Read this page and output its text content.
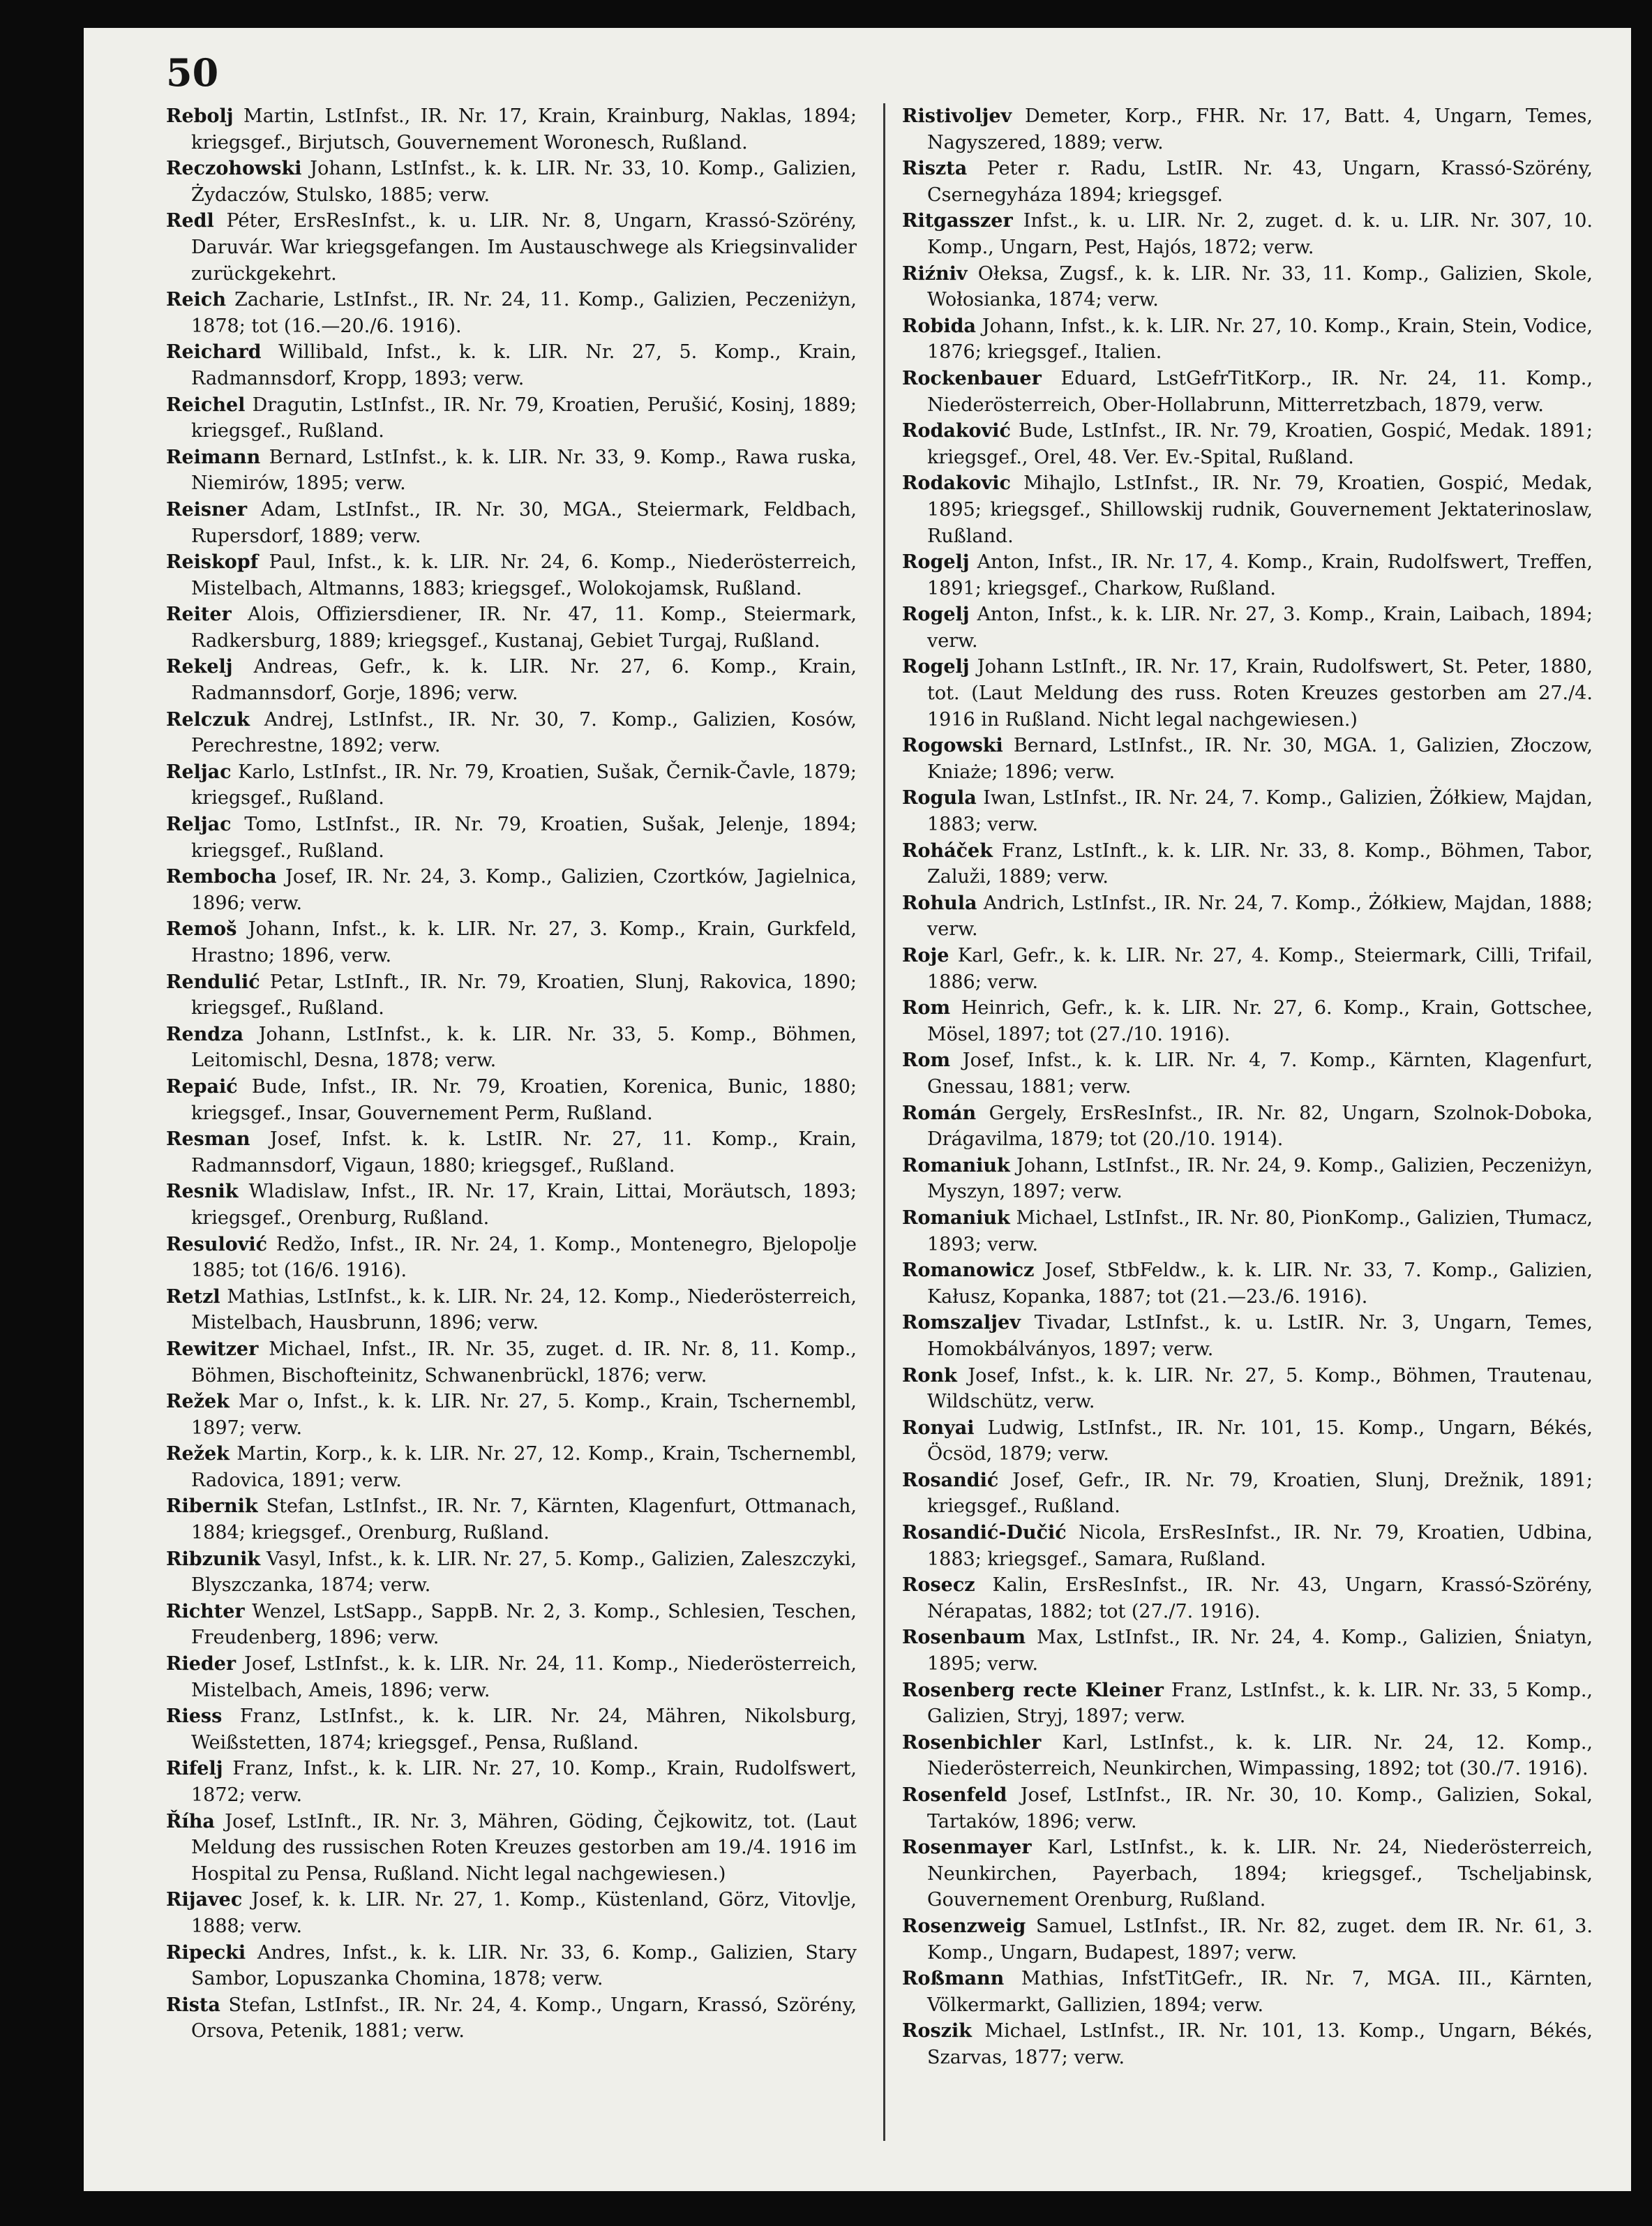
50

Rebolj Martin, LstInfst., IR. Nr. 17, Krain, Krainburg, Naklas, 1894; kriegsgef., Birjutsch, Gouvernement Woronesch, Rußland.

Reczohowski Johann, LstInfst., k. k. LIR. Nr. 33, 10. Komp., Galizien, Żydaczów, Stulsko, 1885; verw.

Redl Péter, ErsResInfst., k. u. LIR. Nr. 8, Ungarn, Krassó-Szörény, Daruvár. War kriegsgefangen. Im Austauschwege als Kriegsinvalider zurückgekehrt.

Reich Zacharie, LstInfst., IR. Nr. 24, 11. Komp., Galizien, Peczeniżyn, 1878; tot (16.—20./6. 1916).

Reichard Willibald, Infst., k. k. LIR. Nr. 27, 5. Komp., Krain, Radmannsdorf, Kropp, 1893; verw.

Reichel Dragutin, LstInfst., IR. Nr. 79, Kroatien, Perušić, Kosinj, 1889; kriegsgef., Rußland.

Reimann Bernard, LstInfst., k. k. LIR. Nr. 33, 9. Komp., Rawa ruska, Niemirów, 1895; verw.

Reisner Adam, LstInfst., IR. Nr. 30, MGA., Steiermark, Feldbach, Rupersdorf, 1889; verw.

Reiskopf Paul, Infst., k. k. LIR. Nr. 24, 6. Komp., Niederösterreich, Mistelbach, Altmanns, 1883; kriegsgef., Wolokojamsk, Rußland.

Reiter Alois, Offiziersdiener, IR. Nr. 47, 11. Komp., Steiermark, Radkersburg, 1889; kriegsgef., Kustanaj, Gebiet Turgaj, Rußland.

Rekelj Andreas, Gefr., k. k. LIR. Nr. 27, 6. Komp., Krain, Radmannsdorf, Gorje, 1896; verw.

Relczuk Andrej, LstInfst., IR. Nr. 30, 7. Komp., Galizien, Kosów, Perechrestne, 1892; verw.

Reljac Karlo, LstInfst., IR. Nr. 79, Kroatien, Sušak, Černik-Čavle, 1879; kriegsgef., Rußland.

Reljac Tomo, LstInfst., IR. Nr. 79, Kroatien, Sušak, Jelenje, 1894; kriegsgef., Rußland.

Rembocha Josef, IR. Nr. 24, 3. Komp., Galizien, Czortków, Jagielnica, 1896; verw.

Remoš Johann, Infst., k. k. LIR. Nr. 27, 3. Komp., Krain, Gurkfeld, Hrastno; 1896, verw.

Rendulić Petar, LstInft., IR. Nr. 79, Kroatien, Slunj, Rakovica, 1890; kriegsgef., Rußland.

Rendza Johann, LstInfst., k. k. LIR. Nr. 33, 5. Komp., Böhmen, Leitomischl, Desna, 1878; verw.

Repaić Bude, Infst., IR. Nr. 79, Kroatien, Korenica, Bunic, 1880; kriegsgef., Insar, Gouvernement Perm, Rußland.

Resman Josef, Infst. k. k. LstIR. Nr. 27, 11. Komp., Krain, Radmannsdorf, Vigaun, 1880; kriegsgef., Rußland.

Resnik Wladislaw, Infst., IR. Nr. 17, Krain, Littai, Moräutsch, 1893; kriegsgef., Orenburg, Rußland.

Resulović Redžo, Infst., IR. Nr. 24, 1. Komp., Montenegro, Bjelopolje 1885; tot (16/6. 1916).

Retzl Mathias, LstInfst., k. k. LIR. Nr. 24, 12. Komp., Niederösterreich, Mistelbach, Hausbrunn, 1896; verw.

Rewitzer Michael, Infst., IR. Nr. 35, zuget. d. IR. Nr. 8, 11. Komp., Böhmen, Bischofteinitz, Schwanenbrückl, 1876; verw.

Režek Mar o, Infst., k. k. LIR. Nr. 27, 5. Komp., Krain, Tschernembl, 1897; verw.

Režek Martin, Korp., k. k. LIR. Nr. 27, 12. Komp., Krain, Tschernembl, Radovica, 1891; verw.

Ribernik Stefan, LstInfst., IR. Nr. 7, Kärnten, Klagenfurt, Ottmanach, 1884; kriegsgef., Orenburg, Rußland.

Ribzunik Vasyl, Infst., k. k. LIR. Nr. 27, 5. Komp., Galizien, Zaleszczyki, Blyszczanka, 1874; verw.

Richter Wenzel, LstSapp., SappB. Nr. 2, 3. Komp., Schlesien, Teschen, Freudenberg, 1896; verw.

Rieder Josef, LstInfst., k. k. LIR. Nr. 24, 11. Komp., Niederösterreich, Mistelbach, Ameis, 1896; verw.

Riess Franz, LstInfst., k. k. LIR. Nr. 24, Mähren, Nikolsburg, Weißstetten, 1874; kriegsgef., Pensa, Rußland.

Rifelj Franz, Infst., k. k. LIR. Nr. 27, 10. Komp., Krain, Rudolfswert, 1872; verw.

Říha Josef, LstInft., IR. Nr. 3, Mähren, Göding, Čejkowitz, tot. (Laut Meldung des russischen Roten Kreuzes gestorben am 19./4. 1916 im Hospital zu Pensa, Rußland. Nicht legal nachgewiesen.)

Rijavec Josef, k. k. LIR. Nr. 27, 1. Komp., Küstenland, Görz, Vitovlje, 1888; verw.

Ripecki Andres, Infst., k. k. LIR. Nr. 33, 6. Komp., Galizien, Stary Sambor, Lopuszanka Chomina, 1878; verw.

Rista Stefan, LstInfst., IR. Nr. 24, 4. Komp., Ungarn, Krassó, Szörény, Orsova, Petenik, 1881; verw.

Ristivoljev Demeter, Korp., FHR. Nr. 17, Batt. 4, Ungarn, Temes, Nagyszered, 1889; verw.

Riszta Peter r. Radu, LstIR. Nr. 43, Ungarn, Krassó-Szörény, Csernegyháza 1894; kriegsgef.

Ritgasszer Infst., k. u. LIR. Nr. 2, zuget. d. k. u. LIR. Nr. 307, 10. Komp., Ungarn, Pest, Hajós, 1872; verw.

Riźniv Ołeksa, Zugsf., k. k. LIR. Nr. 33, 11. Komp., Galizien, Skole, Wołosianka, 1874; verw.

Robida Johann, Infst., k. k. LIR. Nr. 27, 10. Komp., Krain, Stein, Vodice, 1876; kriegsgef., Italien.

Rockenbauer Eduard, LstGefrTitKorp., IR. Nr. 24, 11. Komp., Niederösterreich, Ober-Hollabrunn, Mitterretzbach, 1879, verw.

Rodaković Bude, LstInfst., IR. Nr. 79, Kroatien, Gospić, Medak. 1891; kriegsgef., Orel, 48. Ver. Ev.-Spital, Rußland.

Rodakovic Mihajlo, LstInfst., IR. Nr. 79, Kroatien, Gospić, Medak, 1895; kriegsgef., Shillowskij rudnik, Gouvernement Jektaterinoslaw, Rußland.

Rogelj Anton, Infst., IR. Nr. 17, 4. Komp., Krain, Rudolfswert, Treffen, 1891; kriegsgef., Charkow, Rußland.

Rogelj Anton, Infst., k. k. LIR. Nr. 27, 3. Komp., Krain, Laibach, 1894; verw.

Rogelj Johann LstInft., IR. Nr. 17, Krain, Rudolfswert, St. Peter, 1880, tot. (Laut Meldung des russ. Roten Kreuzes gestorben am 27./4. 1916 in Rußland. Nicht legal nachgewiesen.)

Rogowski Bernard, LstInfst., IR. Nr. 30, MGA. 1, Galizien, Złoczow, Kniaże; 1896; verw.

Rogula Iwan, LstInfst., IR. Nr. 24, 7. Komp., Galizien, Żółkiew, Majdan, 1883; verw.

Roháček Franz, LstInft., k. k. LIR. Nr. 33, 8. Komp., Böhmen, Tabor, Zaluži, 1889; verw.

Rohula Andrich, LstInfst., IR. Nr. 24, 7. Komp., Żółkiew, Majdan, 1888; verw.

Roje Karl, Gefr., k. k. LIR. Nr. 27, 4. Komp., Steiermark, Cilli, Trifail, 1886; verw.

Rom Heinrich, Gefr., k. k. LIR. Nr. 27, 6. Komp., Krain, Gottschee, Mösel, 1897; tot (27./10. 1916).

Rom Josef, Infst., k. k. LIR. Nr. 4, 7. Komp., Kärnten, Klagenfurt, Gnessau, 1881; verw.

Román Gergely, ErsResInfst., IR. Nr. 82, Ungarn, Szolnok-Doboka, Drágavilma, 1879; tot (20./10. 1914).

Romaniuk Johann, LstInfst., IR. Nr. 24, 9. Komp., Galizien, Peczeniżyn, Myszyn, 1897; verw.

Romaniuk Michael, LstInfst., IR. Nr. 80, PionKomp., Galizien, Tłumacz, 1893; verw.

Romanowicz Josef, StbFeldw., k. k. LIR. Nr. 33, 7. Komp., Galizien, Kałusz, Kopanka, 1887; tot (21.—23./6. 1916).

Romszaljev Tivadar, LstInfst., k. u. LstIR. Nr. 3, Ungarn, Temes, Homokbálványos, 1897; verw.

Ronk Josef, Infst., k. k. LIR. Nr. 27, 5. Komp., Böhmen, Trautenau, Wildschütz, verw.

Ronyai Ludwig, LstInfst., IR. Nr. 101, 15. Komp., Ungarn, Békés, Öcsöd, 1879; verw.

Rosandić Josef, Gefr., IR. Nr. 79, Kroatien, Slunj, Drežnik, 1891; kriegsgef., Rußland.

Rosandić-Dučić Nicola, ErsResInfst., IR. Nr. 79, Kroatien, Udbina, 1883; kriegsgef., Samara, Rußland.

Rosecz Kalin, ErsResInfst., IR. Nr. 43, Ungarn, Krassó-Szörény, Nérapatas, 1882; tot (27./7. 1916).

Rosenbaum Max, LstInfst., IR. Nr. 24, 4. Komp., Galizien, Śniatyn, 1895; verw.

Rosenberg recte Kleiner Franz, LstInfst., k. k. LIR. Nr. 33, 5 Komp., Galizien, Stryj, 1897; verw.

Rosenbichler Karl, LstInfst., k. k. LIR. Nr. 24, 12. Komp., Niederösterreich, Neunkirchen, Wimpassing, 1892; tot (30./7. 1916).

Rosenfeld Josef, LstInfst., IR. Nr. 30, 10. Komp., Galizien, Sokal, Tartaków, 1896; verw.

Rosenmayer Karl, LstInfst., k. k. LIR. Nr. 24, Niederösterreich, Neunkirchen, Payerbach, 1894; kriegsgef., Tscheljabinsk, Gouvernement Orenburg, Rußland.

Rosenzweig Samuel, LstInfst., IR. Nr. 82, zuget. dem IR. Nr. 61, 3. Komp., Ungarn, Budapest, 1897; verw.

Roßmann Mathias, InfstTitGefr., IR. Nr. 7, MGA. III., Kärnten, Völkermarkt, Gallizien, 1894; verw.

Roszik Michael, LstInfst., IR. Nr. 101, 13. Komp., Ungarn, Békés, Szarvas, 1877; verw.
